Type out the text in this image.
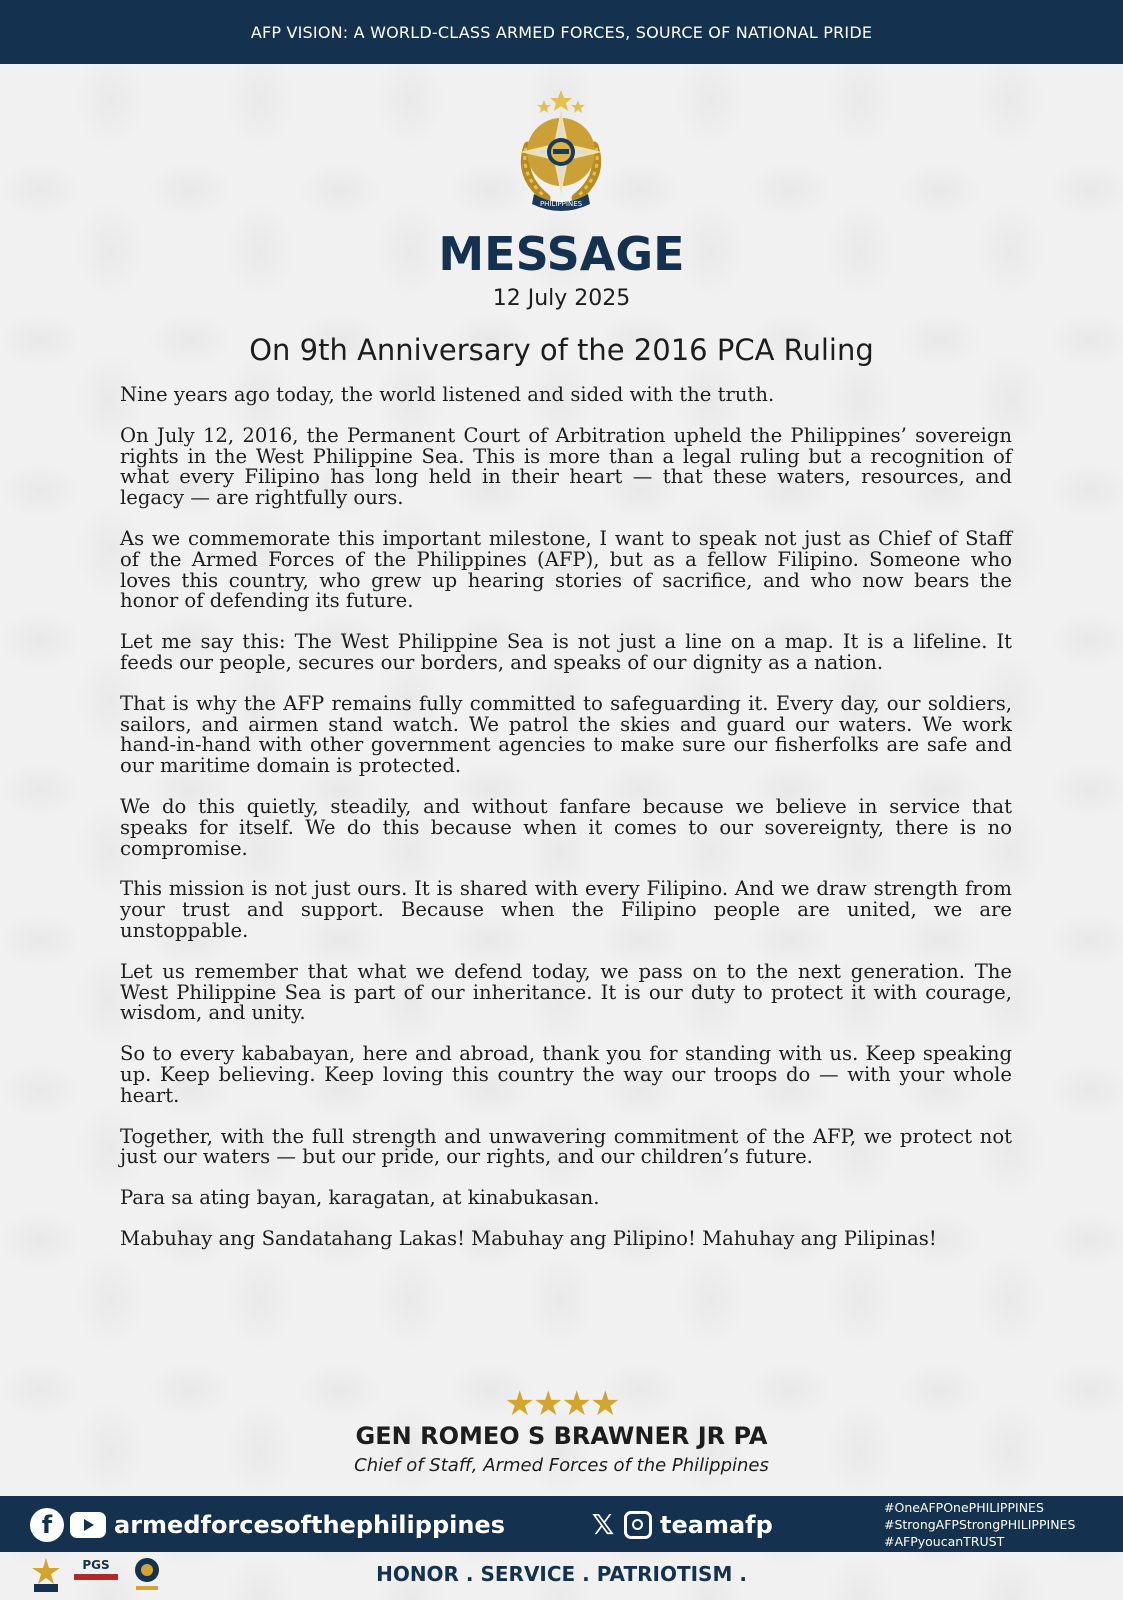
AFP VISION: A WORLD-CLASS ARMED FORCES, SOURCE OF NATIONAL PRIDE
PHILIPPINES
MESSAGE
12 July 2025
On 9th Anniversary of the 2016 PCA Ruling

Nine years ago today, the world listened and sided with the truth.

On July 12, 2016, the Permanent Court of Arbitration upheld the Philippines’ sovereign rights in the West Philippine Sea. This is more than a legal ruling but a recognition of what every Filipino has long held in their heart — that these waters, resources, and legacy — are rightfully ours.

As we commemorate this important milestone, I want to speak not just as Chief of Staff of the Armed Forces of the Philippines (AFP), but as a fellow Filipino. Someone who loves this country, who grew up hearing stories of sacrifice, and who now bears the honor of defending its future.

Let me say this: The West Philippine Sea is not just a line on a map. It is a lifeline. It feeds our people, secures our borders, and speaks of our dignity as a nation.

That is why the AFP remains fully committed to safeguarding it. Every day, our soldiers, sailors, and airmen stand watch. We patrol the skies and guard our waters. We work hand-in-hand with other government agencies to make sure our fisherfolks are safe and our maritime domain is protected.

We do this quietly, steadily, and without fanfare because we believe in service that speaks for itself. We do this because when it comes to our sovereignty, there is no compromise.

This mission is not just ours. It is shared with every Filipino. And we draw strength from your trust and support. Because when the Filipino people are united, we are unstoppable.

Let us remember that what we defend today, we pass on to the next generation. The West Philippine Sea is part of our inheritance. It is our duty to protect it with courage, wisdom, and unity.

So to every kababayan, here and abroad, thank you for standing with us. Keep speaking up. Keep believing. Keep loving this country the way our troops do — with your whole heart.

Together, with the full strength and unwavering commitment of the AFP, we protect not just our waters — but our pride, our rights, and our children’s future.

Para sa ating bayan, karagatan, at kinabukasan.

Mabuhay ang Sandatahang Lakas! Mabuhay ang Pilipino! Mahuhay ang Pilipinas!

★★★★
GEN ROMEO S BRAWNER JR PA
Chief of Staff, Armed Forces of the Philippines
f	armedforcesofthephilippines	𝕏 teamafp
#OneAFPOnePHILIPPINES
#StrongAFPStrongPHILIPPINES
#AFPyoucanTRUST
PGS	HONOR . SERVICE . PATRIOTISM .
